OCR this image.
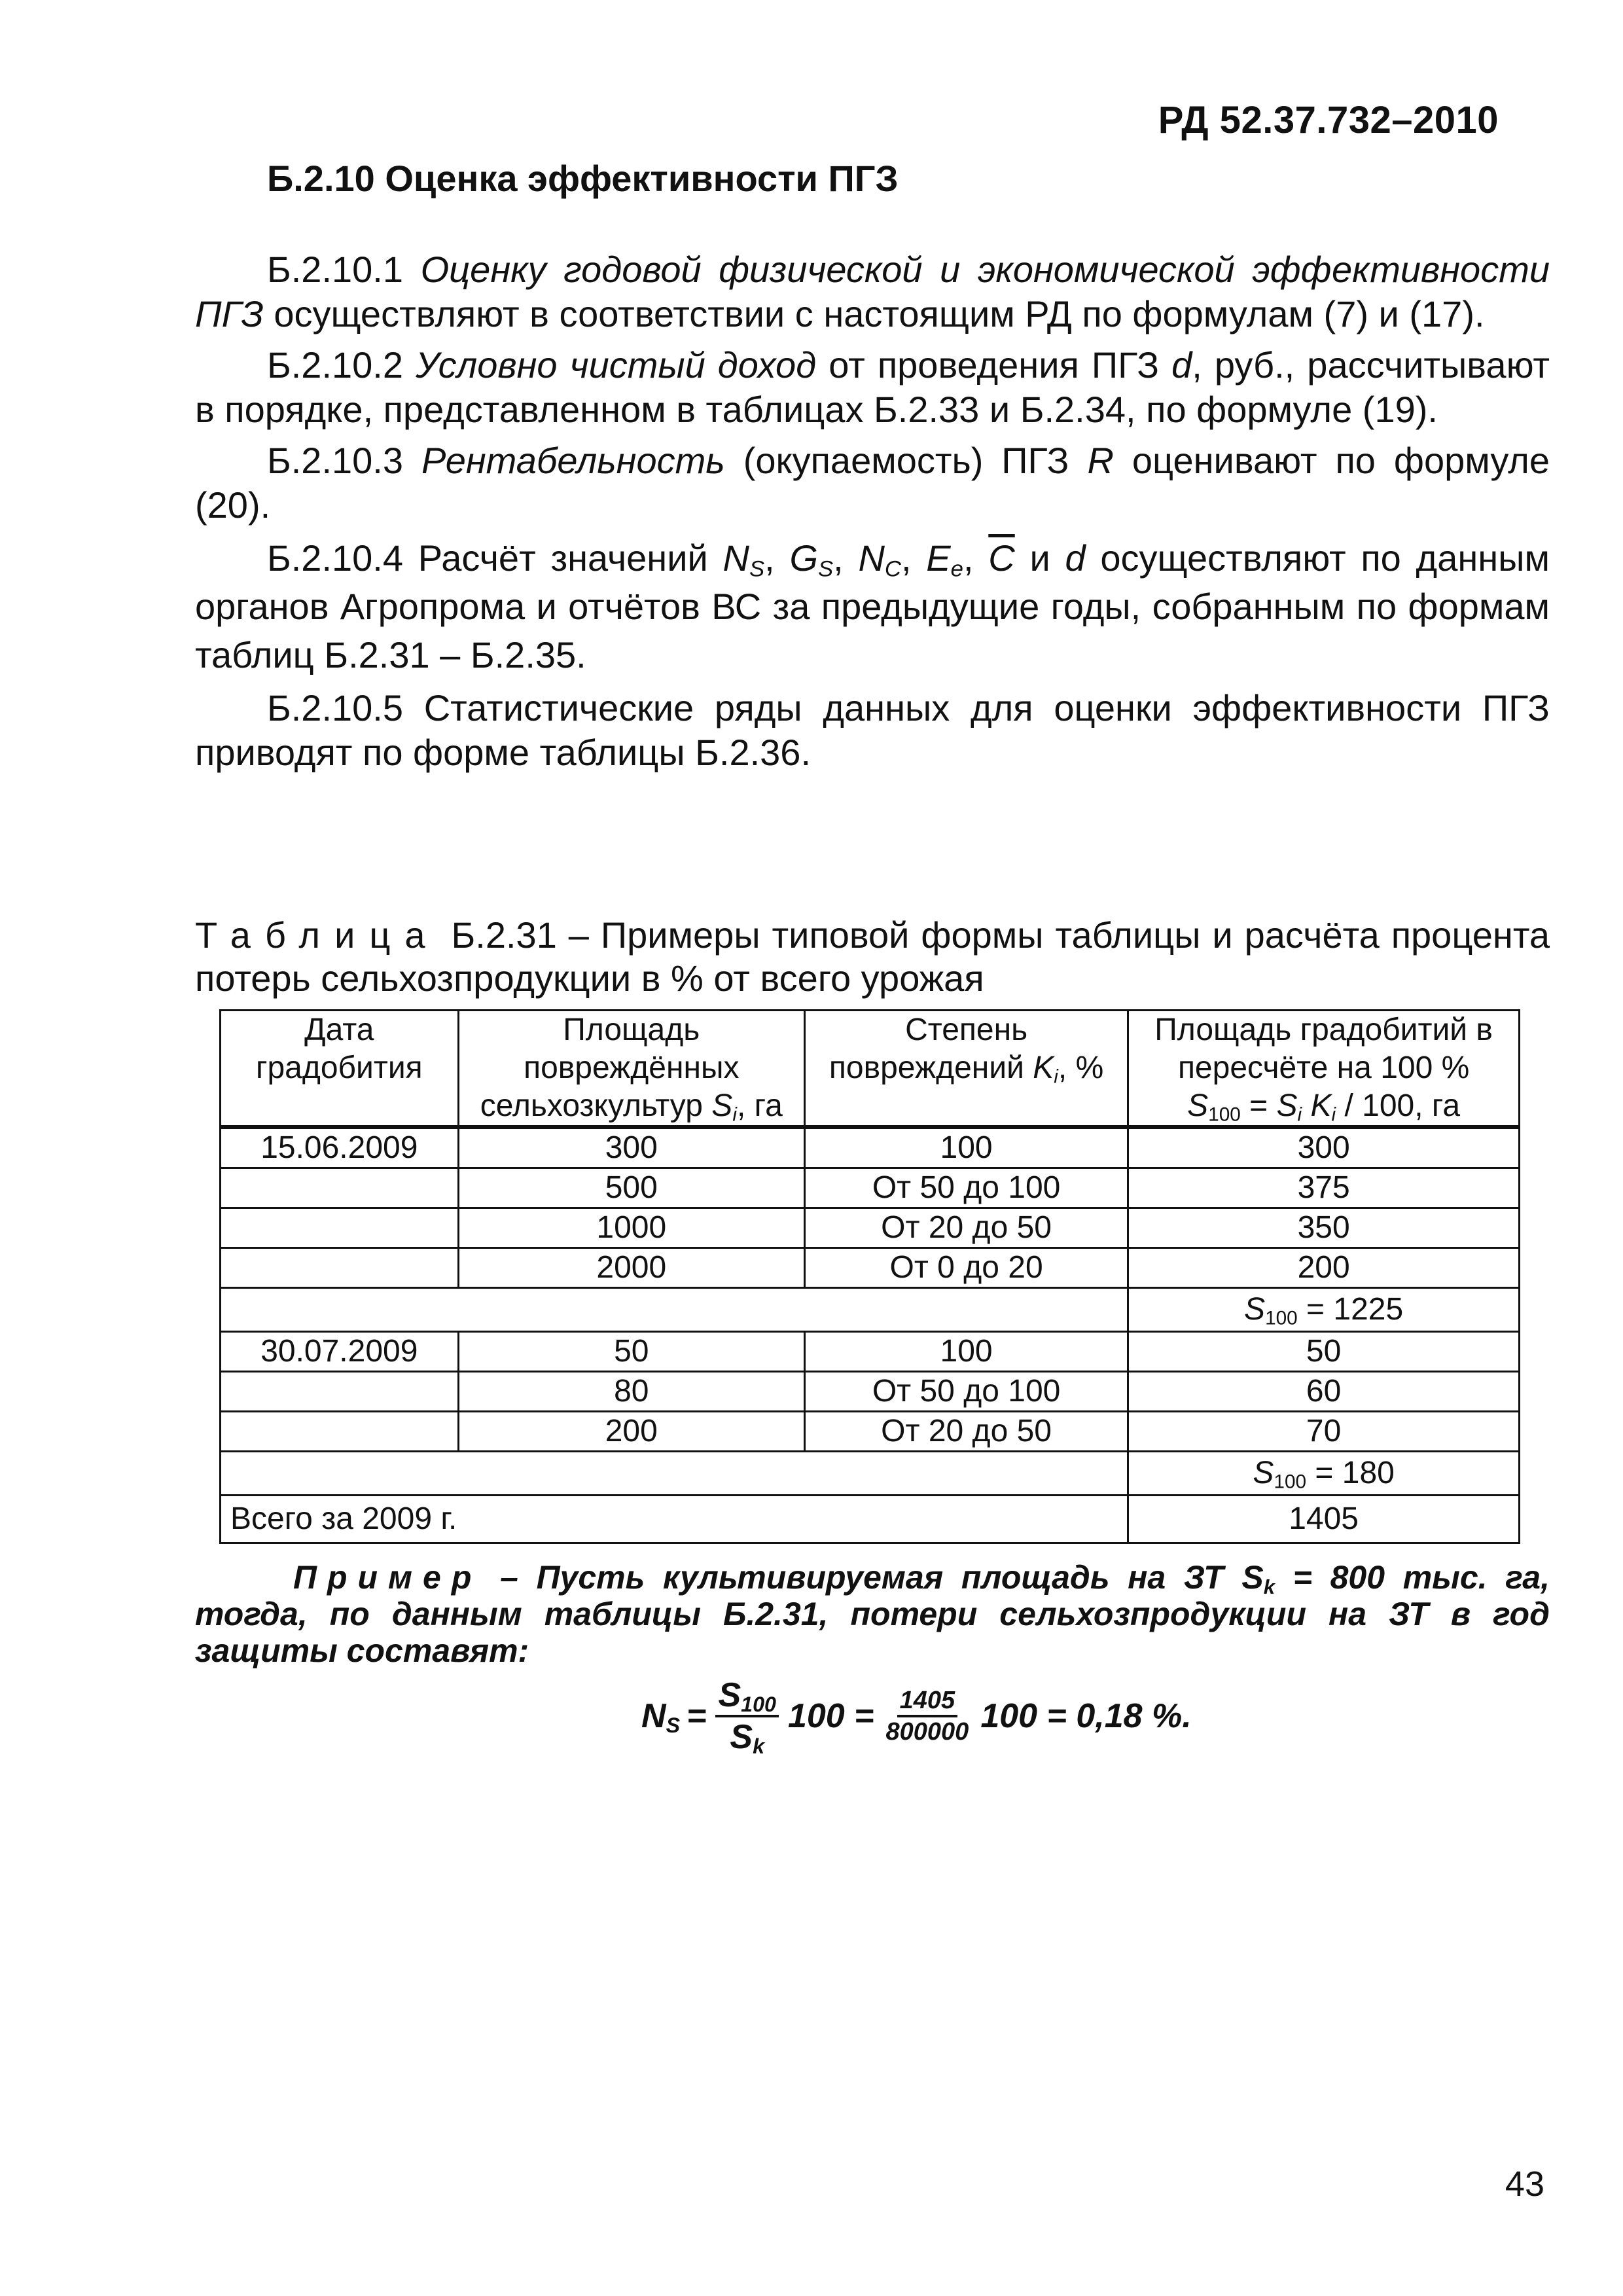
РД 52.37.732–2010
Б.2.10 Оценка эффективности ПГЗ

Б.2.10.1 Оценку годовой физической и экономической эффективности ПГЗ осуществляют в соответствии с настоящим РД по формулам (7) и (17).

Б.2.10.2 Условно чистый доход от проведения ПГЗ d, руб., рассчитывают в порядке, представленном в таблицах Б.2.33 и Б.2.34, по формуле (19).

Б.2.10.3 Рентабельность (окупаемость) ПГЗ R оценивают по формуле (20).

Б.2.10.4 Расчёт значений $N_S$, $G_S$, $N_C$, $E_e$, $\overline{C}$ и d осуществляют по данным органов Агропрома и отчётов ВС за предыдущие годы, собранным по формам таблиц Б.2.31 – Б.2.35.

Б.2.10.5 Статистические ряды данных для оценки эффективности ПГЗ приводят по форме таблицы Б.2.36.

Таблица Б.2.31 – Примеры типовой формы таблицы и расчёта процента потерь сельхозпродукции в % от всего урожая
Дата градобития	Площадь повреждённых сельхозкультур $S_i$, га	Степень повреждений $K_i$, %	Площадь градобитий в пересчёте на 100 %
$S_{100} = S_i$ $K_i / 100$, га
15.06.2009	300	100	300
	500	От 50 до 100	375
	1000	От 20 до 50	350
	2000	От 0 до 20	200
			$S_{100} = 1225$
30.07.2009	50	100	50
	80	От 50 до 100	60
	200	От 20 до 50	70
			$S_{100} = 180$
Всего за 2009 г.			1405

Пример – Пусть культивируемая площадь на ЗТ $S_k = 800$ тыс. га, тогда, по данным таблицы Б.2.31, потери сельхозпродукции на ЗТ в год защиты составят:

$N_S = \frac{S_{100}}{S_k} 100 = \frac{1405}{800000} 100 = 0,18$ %.
43
